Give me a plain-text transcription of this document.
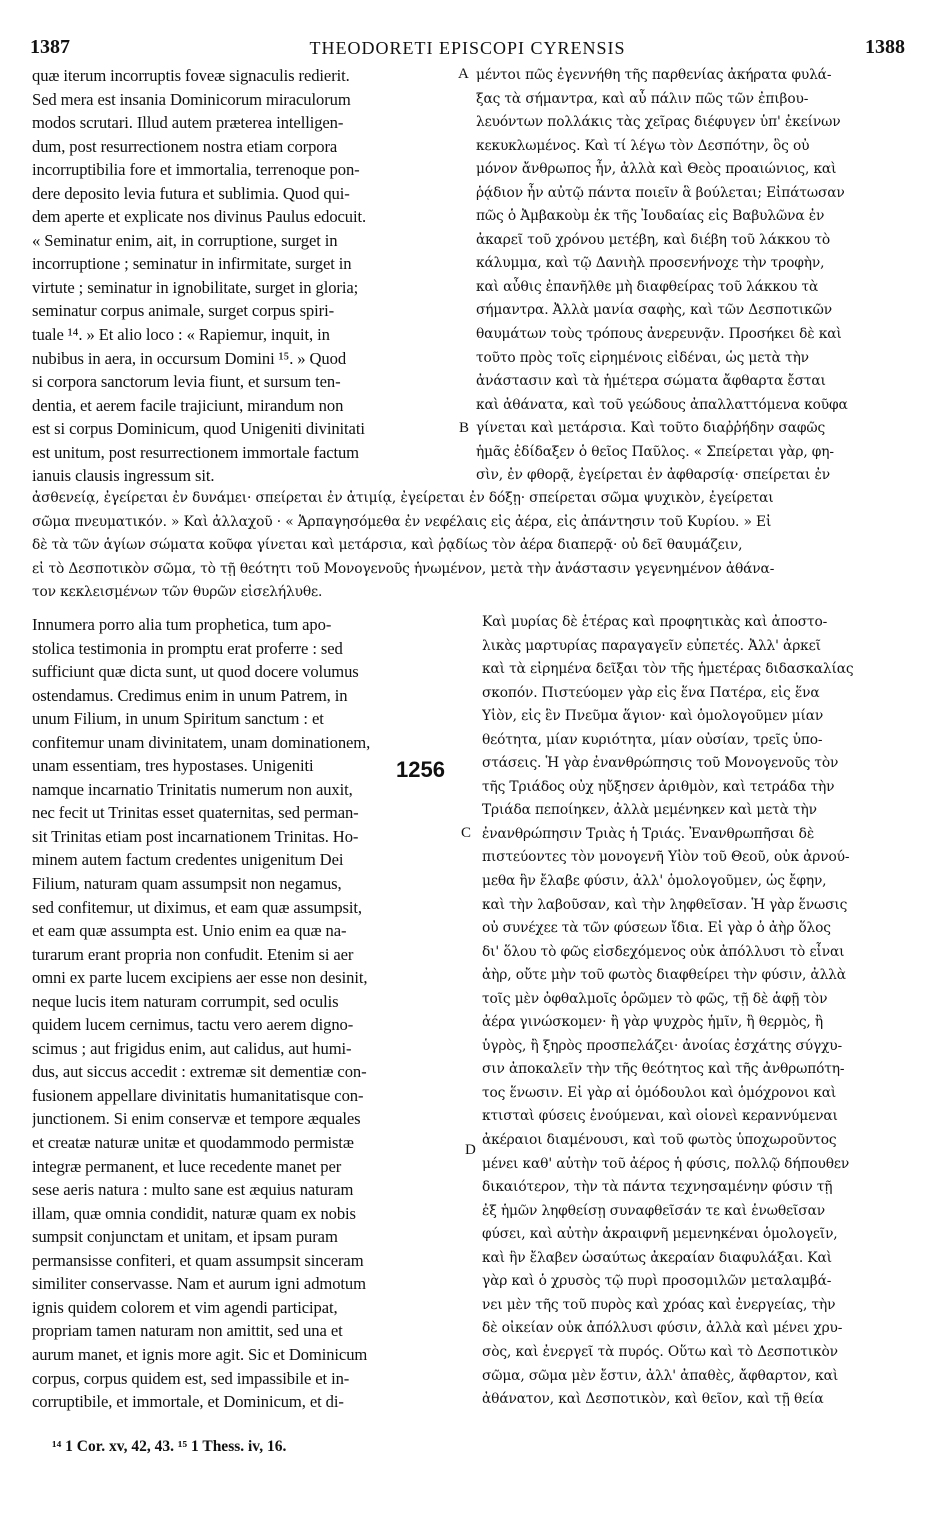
1387	THEODORETI EPISCOPI CYRENSIS	1388
quæ iterum incorruptis foveæ signaculis redierit.
Sed mera est insania Dominicorum miraculorum
modos scrutari. Illud autem præterea intelligen-
dum, post resurrectionem nostra etiam corpora
incorruptibilia fore et immortalia, terrenoque pon-
dere deposito levia futura et sublimia. Quod qui-
dem aperte et explicate nos divinus Paulus edocuit.
« Seminatur enim, ait, in corruptione, surget in
incorruptione ; seminatur in infirmitate, surget in
virtute ; seminatur in ignobilitate, surget in gloria;
seminatur corpus animale, surget corpus spiri-
tuale ¹⁴. » Et alio loco : « Rapiemur, inquit, in
nubibus in aera, in occursum Domini ¹⁵. » Quod
si corpora sanctorum levia fiunt, et sursum ten-
dentia, et aerem facile trajiciunt, mirandum non
est si corpus Dominicum, quod Unigeniti divinitati
est unitum, post resurrectionem immortale factum
ianuis clausis ingressum sit.
μέντοι πῶς ἐγεννήθη τῆς παρθενίας ἀκήρατα φυλά-
ξας τὰ σήμαντρα, καὶ αὖ πάλιν πῶς τῶν ἐπιβου-
λευόντων πολλάκις τὰς χεῖρας διέφυγεν ὑπ' ἐκείνων
κεκυκλωμένος. Καὶ τί λέγω τὸν Δεσπότην, ὃς οὐ
μόνον ἄνθρωπος ἦν, ἀλλὰ καὶ Θεὸς προαιώνιος, καὶ
ῥᾴδιον ἦν αὐτῷ πάντα ποιεῖν ἃ βούλεται; Εἰπάτωσαν
πῶς ὁ Ἀμβακοὺμ ἐκ τῆς Ἰουδαίας εἰς Βαβυλῶνα ἐν
ἀκαρεῖ τοῦ χρόνου μετέβη, καὶ διέβη τοῦ λάκκου τὸ
κάλυμμα, καὶ τῷ Δανιὴλ προσενήνοχε τὴν τροφὴν,
καὶ αὖθις ἐπανῆλθε μὴ διαφθείρας τοῦ λάκκου τὰ
σήμαντρα. Ἀλλὰ μανία σαφὴς, καὶ τῶν Δεσποτικῶν
θαυμάτων τοὺς τρόπους ἀνερευνᾷν. Προσήκει δὲ καὶ
τοῦτο πρὸς τοῖς εἰρημένοις εἰδέναι, ὡς μετὰ τὴν
ἀνάστασιν καὶ τὰ ἡμέτερα σώματα ἄφθαρτα ἔσται
καὶ ἀθάνατα, καὶ τοῦ γεώδους ἀπαλλαττόμενα κοῦφα
γίνεται καὶ μετάρσια. Καὶ τοῦτο διαῤῥήδην σαφῶς
ἡμᾶς ἐδίδαξεν ὁ θεῖος Παῦλος. « Σπείρεται γὰρ, φη-
σὶν, ἐν φθορᾷ, ἐγείρεται ἐν ἀφθαρσίᾳ· σπείρεται ἐν
A
B
ἀσθενείᾳ, ἐγείρεται ἐν δυνάμει· σπείρεται ἐν ἀτιμίᾳ, ἐγείρεται ἐν δόξῃ· σπείρεται σῶμα ψυχικὸν, ἐγείρεται
σῶμα πνευματικόν. » Καὶ ἀλλαχοῦ · « Ἁρπαγησόμεθα ἐν νεφέλαις εἰς ἀέρα, εἰς ἀπάντησιν τοῦ Κυρίου. » Εἰ
δὲ τὰ τῶν ἁγίων σώματα κοῦφα γίνεται καὶ μετάρσια, καὶ ῥᾳδίως τὸν ἀέρα διαπερᾷ· οὐ δεῖ θαυμάζειν,
εἰ τὸ Δεσποτικὸν σῶμα, τὸ τῇ θεότητι τοῦ Μονογενοῦς ἡνωμένον, μετὰ τὴν ἀνάστασιν γεγενημένον ἀθάνα-
τον κεκλεισμένων τῶν θυρῶν εἰσελήλυθε.
Innumera porro alia tum prophetica, tum apo-
stolica testimonia in promptu erat proferre : sed
sufficiunt quæ dicta sunt, ut quod docere volumus
ostendamus. Credimus enim in unum Patrem, in
unum Filium, in unum Spiritum sanctum : et
confitemur unam divinitatem, unam dominationem,
unam essentiam, tres hypostases. Unigeniti
namque incarnatio Trinitatis numerum non auxit,
nec fecit ut Trinitas esset quaternitas, sed perman-
sit Trinitas etiam post incarnationem Trinitas. Ho-
minem autem factum credentes unigenitum Dei
Filium, naturam quam assumpsit non negamus,
sed confitemur, ut diximus, et eam quæ assumpsit,
et eam quæ assumpta est. Unio enim ea quæ na-
turarum erant propria non confudit. Etenim si aer
omni ex parte lucem excipiens aer esse non desinit,
neque lucis item naturam corrumpit, sed oculis
quidem lucem cernimus, tactu vero aerem digno-
scimus ; aut frigidus enim, aut calidus, aut humi-
dus, aut siccus accedit : extremæ sit dementiæ con-
fusionem appellare divinitatis humanitatisque con-
junctionem. Si enim conservæ et tempore æquales
et creatæ naturæ unitæ et quodammodo permistæ
integræ permanent, et luce recedente manet per
sese aeris natura : multo sane est æquius naturam
illam, quæ omnia condidit, naturæ quam ex nobis
sumpsit conjunctam et unitam, et ipsam puram
permansisse confiteri, et quam assumpsit sinceram
similiter conservasse. Nam et aurum igni admotum
ignis quidem colorem et vim agendi participat,
propriam tamen naturam non amittit, sed una et
aurum manet, et ignis more agit. Sic et Dominicum
corpus, corpus quidem est, sed impassibile et in-
corruptibile, et immortale, et Dominicum, et di-
Καὶ μυρίας δὲ ἑτέρας καὶ προφητικὰς καὶ ἀποστο-
λικὰς μαρτυρίας παραγαγεῖν εὐπετές. Ἀλλ' ἀρκεῖ
καὶ τὰ εἰρημένα δεῖξαι τὸν τῆς ἡμετέρας διδασκαλίας
σκοπόν. Πιστεύομεν γὰρ εἰς ἕνα Πατέρα, εἰς ἕνα
Υἱὸν, εἰς ἓν Πνεῦμα ἅγιον· καὶ ὁμολογοῦμεν μίαν
θεότητα, μίαν κυριότητα, μίαν οὐσίαν, τρεῖς ὑπο-
στάσεις. Ἡ γὰρ ἐνανθρώπησις τοῦ Μονογενοῦς τὸν
τῆς Τριάδος οὐχ ηὔξησεν ἀριθμὸν, καὶ τετράδα τὴν
Τριάδα πεποίηκεν, ἀλλὰ μεμένηκεν καὶ μετὰ τὴν
ἐνανθρώπησιν Τριὰς ἡ Τριάς. Ἐνανθρωπῆσαι δὲ
πιστεύοντες τὸν μονογενῆ Υἱὸν τοῦ Θεοῦ, οὐκ ἀρνού-
μεθα ἣν ἔλαβε φύσιν, ἀλλ' ὁμολογοῦμεν, ὡς ἔφην,
καὶ τὴν λαβοῦσαν, καὶ τὴν ληφθεῖσαν. Ἡ γὰρ ἕνωσις
οὐ συνέχεε τὰ τῶν φύσεων ἴδια. Εἰ γὰρ ὁ ἀὴρ ὅλος
δι' ὅλου τὸ φῶς εἰσδεχόμενος οὐκ ἀπόλλυσι τὸ εἶναι
ἀὴρ, οὔτε μὴν τοῦ φωτὸς διαφθείρει τὴν φύσιν, ἀλλὰ
τοῖς μὲν ὀφθαλμοῖς ὁρῶμεν τὸ φῶς, τῇ δὲ ἁφῇ τὸν
ἀέρα γινώσκομεν· ἢ γὰρ ψυχρὸς ἡμῖν, ἢ θερμὸς, ἢ
ὑγρὸς, ἢ ξηρὸς προσπελάζει· ἀνοίας ἐσχάτης σύγχυ-
σιν ἀποκαλεῖν τὴν τῆς θεότητος καὶ τῆς ἀνθρωπότη-
τος ἕνωσιν. Εἰ γὰρ αἱ ὁμόδουλοι καὶ ὁμόχρονοι καὶ
κτισταὶ φύσεις ἑνούμεναι, καὶ οἱονεὶ κεραννύμεναι
ἀκέραιοι διαμένουσι, καὶ τοῦ φωτὸς ὑποχωροῦντος
μένει καθ' αὑτὴν τοῦ ἀέρος ἡ φύσις, πολλῷ δήπουθεν
δικαιότερον, τὴν τὰ πάντα τεχνησαμένην φύσιν τῇ
ἐξ ἡμῶν ληφθείσῃ συναφθεῖσάν τε καὶ ἑνωθεῖσαν
φύσει, καὶ αὐτὴν ἀκραιφνῆ μεμενηκέναι ὁμολογεῖν,
καὶ ἣν ἔλαβεν ὡσαύτως ἀκεραίαν διαφυλάξαι. Καὶ
γὰρ καὶ ὁ χρυσὸς τῷ πυρὶ προσομιλῶν μεταλαμβά-
νει μὲν τῆς τοῦ πυρὸς καὶ χρόας καὶ ἐνεργείας, τὴν
δὲ οἰκείαν οὐκ ἀπόλλυσι φύσιν, ἀλλὰ καὶ μένει χρυ-
σὸς, καὶ ἐνεργεῖ τὰ πυρός. Οὕτω καὶ τὸ Δεσποτικὸν
σῶμα, σῶμα μὲν ἔστιν, ἀλλ' ἀπαθὲς, ἄφθαρτον, καὶ
ἀθάνατον, καὶ Δεσποτικὸν, καὶ θεῖον, καὶ τῇ θεία
1256
C
D
¹⁴ 1 Cor. xv, 42, 43. ¹⁵ 1 Thess. iv, 16.
